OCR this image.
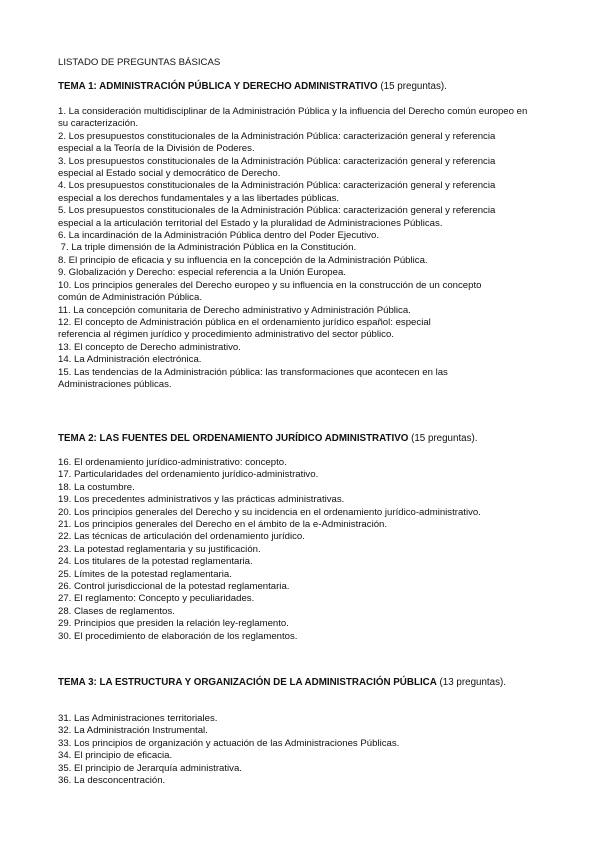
LISTADO DE PREGUNTAS BÁSICAS
TEMA 1: ADMINISTRACIÓN PÚBLICA Y DERECHO ADMINISTRATIVO (15 preguntas).

1. La consideración multidisciplinar de la Administración Pública y la influencia del Derecho común europeo en su caracterización.

2. Los presupuestos constitucionales de la Administración Pública: caracterización general y referencia especial a la Teoría de la División de Poderes.

3. Los presupuestos constitucionales de la Administración Pública: caracterización general y referencia especial al Estado social y democrático de Derecho.

4. Los presupuestos constitucionales de la Administración Pública: caracterización general y referencia especial a los derechos fundamentales y a las libertades públicas.

5. Los presupuestos constitucionales de la Administración Pública: caracterización general y referencia especial a la articulación territorial del Estado y la pluralidad de Administraciones Públicas.

6. La incardinación de la Administración Pública dentro del Poder Ejecutivo.

7. La triple dimensión de la Administración Pública en la Constitución.

8. El principio de eficacia y su influencia en la concepción de la Administración Pública.

9. Globalización y Derecho: especial referencia a la Unión Europea.

10. Los principios generales del Derecho europeo y su influencia en la construcción de un concepto común de Administración Pública.

11. La concepción comunitaria de Derecho administrativo y Administración Pública.

12. El concepto de Administración pública en el ordenamiento jurídico español: especial referencia al régimen jurídico y procedimiento administrativo del sector público.

13. El concepto de Derecho administrativo.

14. La Administración electrónica.

15. Las tendencias de la Administración pública: las transformaciones que acontecen en las Administraciones públicas.

TEMA 2: LAS FUENTES DEL ORDENAMIENTO JURÍDICO ADMINISTRATIVO (15 preguntas).

16. El ordenamiento jurídico-administrativo: concepto.

17. Particularidades del ordenamiento jurídico-administrativo.

18. La costumbre.

19. Los precedentes administrativos y las prácticas administrativas.

20. Los principios generales del Derecho y su incidencia en el ordenamiento jurídico-administrativo.

21. Los principios generales del Derecho en el ámbito de la e-Administración.

22. Las técnicas de articulación del ordenamiento jurídico.

23. La potestad reglamentaria y su justificación.

24. Los titulares de la potestad reglamentaria.

25. Límites de la potestad reglamentaria.

26. Control jurisdiccional de la potestad reglamentaria.

27. El reglamento: Concepto y peculiaridades.

28. Clases de reglamentos.

29. Principios que presiden la relación ley-reglamento.

30. El procedimiento de elaboración de los reglamentos.

TEMA 3: LA ESTRUCTURA Y ORGANIZACIÓN DE LA ADMINISTRACIÓN PÚBLICA (13 preguntas).

31. Las Administraciones territoriales.

32. La Administración Instrumental.

33. Los principios de organización y actuación de las Administraciones Públicas.

34. El principio de eficacia.

35. El principio de Jerarquía administrativa.

36. La desconcentración.
